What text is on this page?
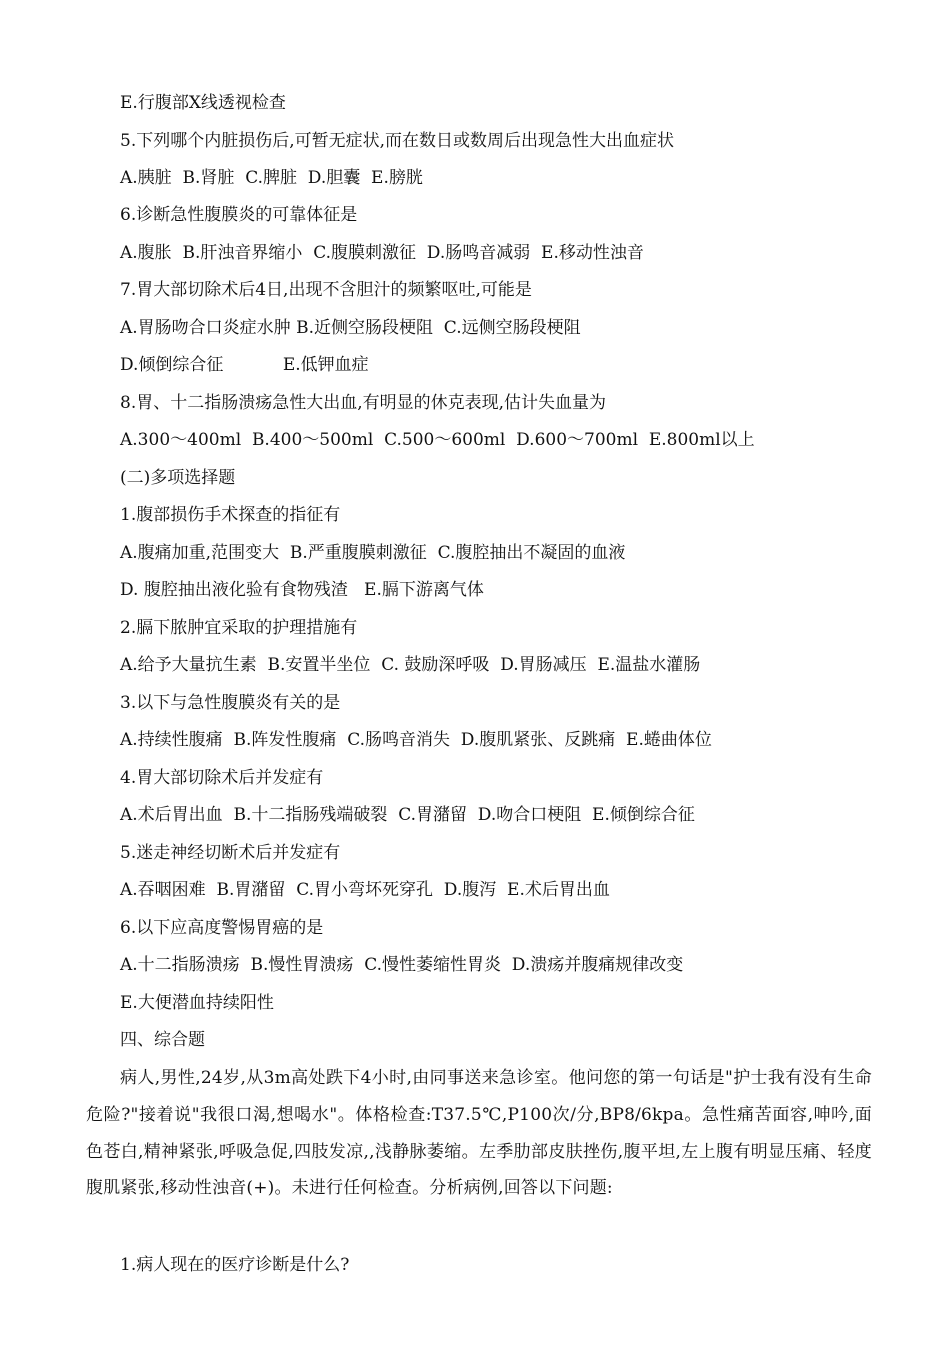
E.行腹部X线透视检查
5.下列哪个内脏损伤后,可暂无症状,而在数日或数周后出现急性大出血症状
A.胰脏  B.肾脏  C.脾脏  D.胆囊  E.膀胱
6.诊断急性腹膜炎的可靠体征是
A.腹胀  B.肝浊音界缩小  C.腹膜刺激征  D.肠鸣音减弱  E.移动性浊音
7.胃大部切除术后4日,出现不含胆汁的频繁呕吐,可能是
A.胃肠吻合口炎症水肿 B.近侧空肠段梗阻  C.远侧空肠段梗阻
D.倾倒综合征           E.低钾血症
8.胃、十二指肠溃疡急性大出血,有明显的休克表现,估计失血量为
A.300～400ml  B.400～500ml  C.500～600ml  D.600～700ml  E.800ml以上
(二)多项选择题
1.腹部损伤手术探查的指征有
A.腹痛加重,范围变大  B.严重腹膜刺激征  C.腹腔抽出不凝固的血液
D. 腹腔抽出液化验有食物残渣   E.膈下游离气体
2.膈下脓肿宜采取的护理措施有
A.给予大量抗生素  B.安置半坐位  C. 鼓励深呼吸  D.胃肠减压  E.温盐水灌肠
3.以下与急性腹膜炎有关的是
A.持续性腹痛  B.阵发性腹痛  C.肠鸣音消失  D.腹肌紧张、反跳痛  E.蜷曲体位
4.胃大部切除术后并发症有
A.术后胃出血  B.十二指肠残端破裂  C.胃潴留  D.吻合口梗阻  E.倾倒综合征
5.迷走神经切断术后并发症有
A.吞咽困难  B.胃潴留  C.胃小弯坏死穿孔  D.腹泻  E.术后胃出血
6.以下应高度警惕胃癌的是
A.十二指肠溃疡  B.慢性胃溃疡  C.慢性萎缩性胃炎  D.溃疡并腹痛规律改变
E.大便潜血持续阳性
四、综合题
病人,男性,24岁,从3m高处跌下4小时,由同事送来急诊室。他问您的第一句话是"护士我有没有生命危险?"接着说"我很口渴,想喝水"。体格检查:T37.5℃,P100次/分,BP8/6kpa。急性痛苦面容,呻吟,面色苍白,精神紧张,呼吸急促,四肢发凉,,浅静脉萎缩。左季肋部皮肤挫伤,腹平坦,左上腹有明显压痛、轻度腹肌紧张,移动性浊音(+)。未进行任何检查。分析病例,回答以下问题:
1.病人现在的医疗诊断是什么?
